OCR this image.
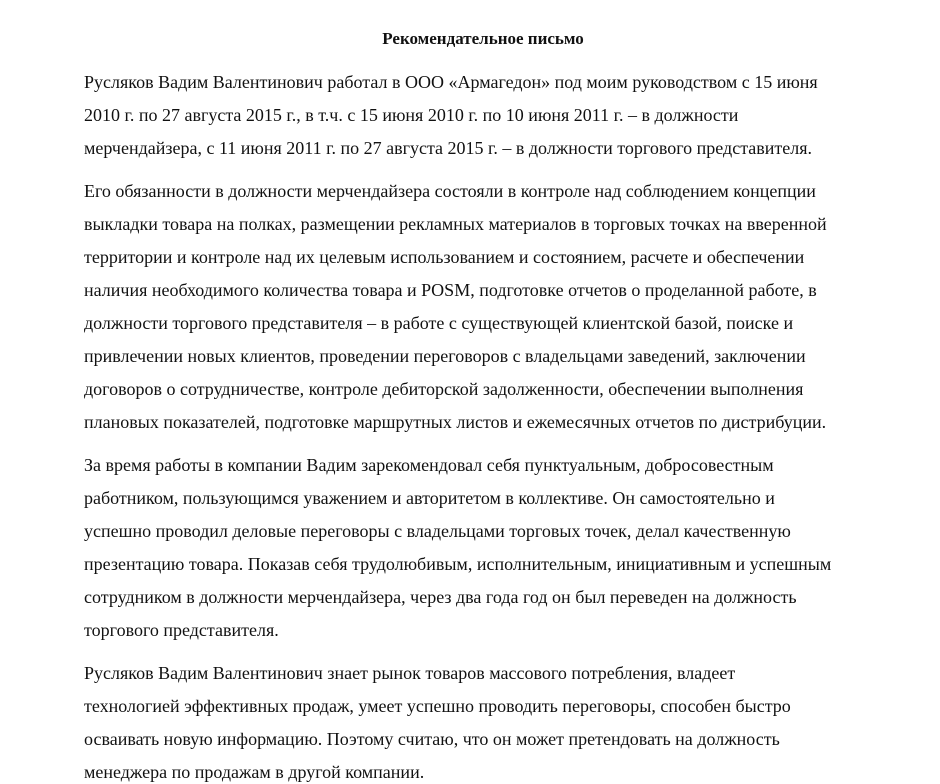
Рекомендательное письмо
Русляков Вадим Валентинович работал в ООО «Армагедон» под моим руководством с 15 июня
2010 г. по 27 августа 2015 г., в т.ч. с 15 июня 2010 г. по 10 июня 2011 г. – в должности
мерчендайзера, с 11 июня 2011 г. по 27 августа 2015 г. – в должности торгового представителя.
Его обязанности в должности мерчендайзера состояли в контроле над соблюдением концепции
выкладки товара на полках, размещении рекламных материалов в торговых точках на вверенной
территории и контроле над их целевым использованием и состоянием, расчете и обеспечении
наличия необходимого количества товара и POSM, подготовке отчетов о проделанной работе, в
должности торгового представителя – в работе с существующей клиентской базой, поиске и
привлечении новых клиентов, проведении переговоров с владельцами заведений, заключении
договоров о сотрудничестве, контроле дебиторской задолженности, обеспечении выполнения
плановых показателей, подготовке маршрутных листов и ежемесячных отчетов по дистрибуции.
За время работы в компании Вадим зарекомендовал себя пунктуальным, добросовестным
работником, пользующимся уважением и авторитетом в коллективе. Он самостоятельно и
успешно проводил деловые переговоры с владельцами торговых точек, делал качественную
презентацию товара. Показав себя трудолюбивым, исполнительным, инициативным и успешным
сотрудником в должности мерчендайзера, через два года год он был переведен на должность
торгового представителя.
Русляков Вадим Валентинович знает рынок товаров массового потребления, владеет
технологией эффективных продаж, умеет успешно проводить переговоры, способен быстро
осваивать новую информацию. Поэтому считаю, что он может претендовать на должность
менеджера по продажам в другой компании.
